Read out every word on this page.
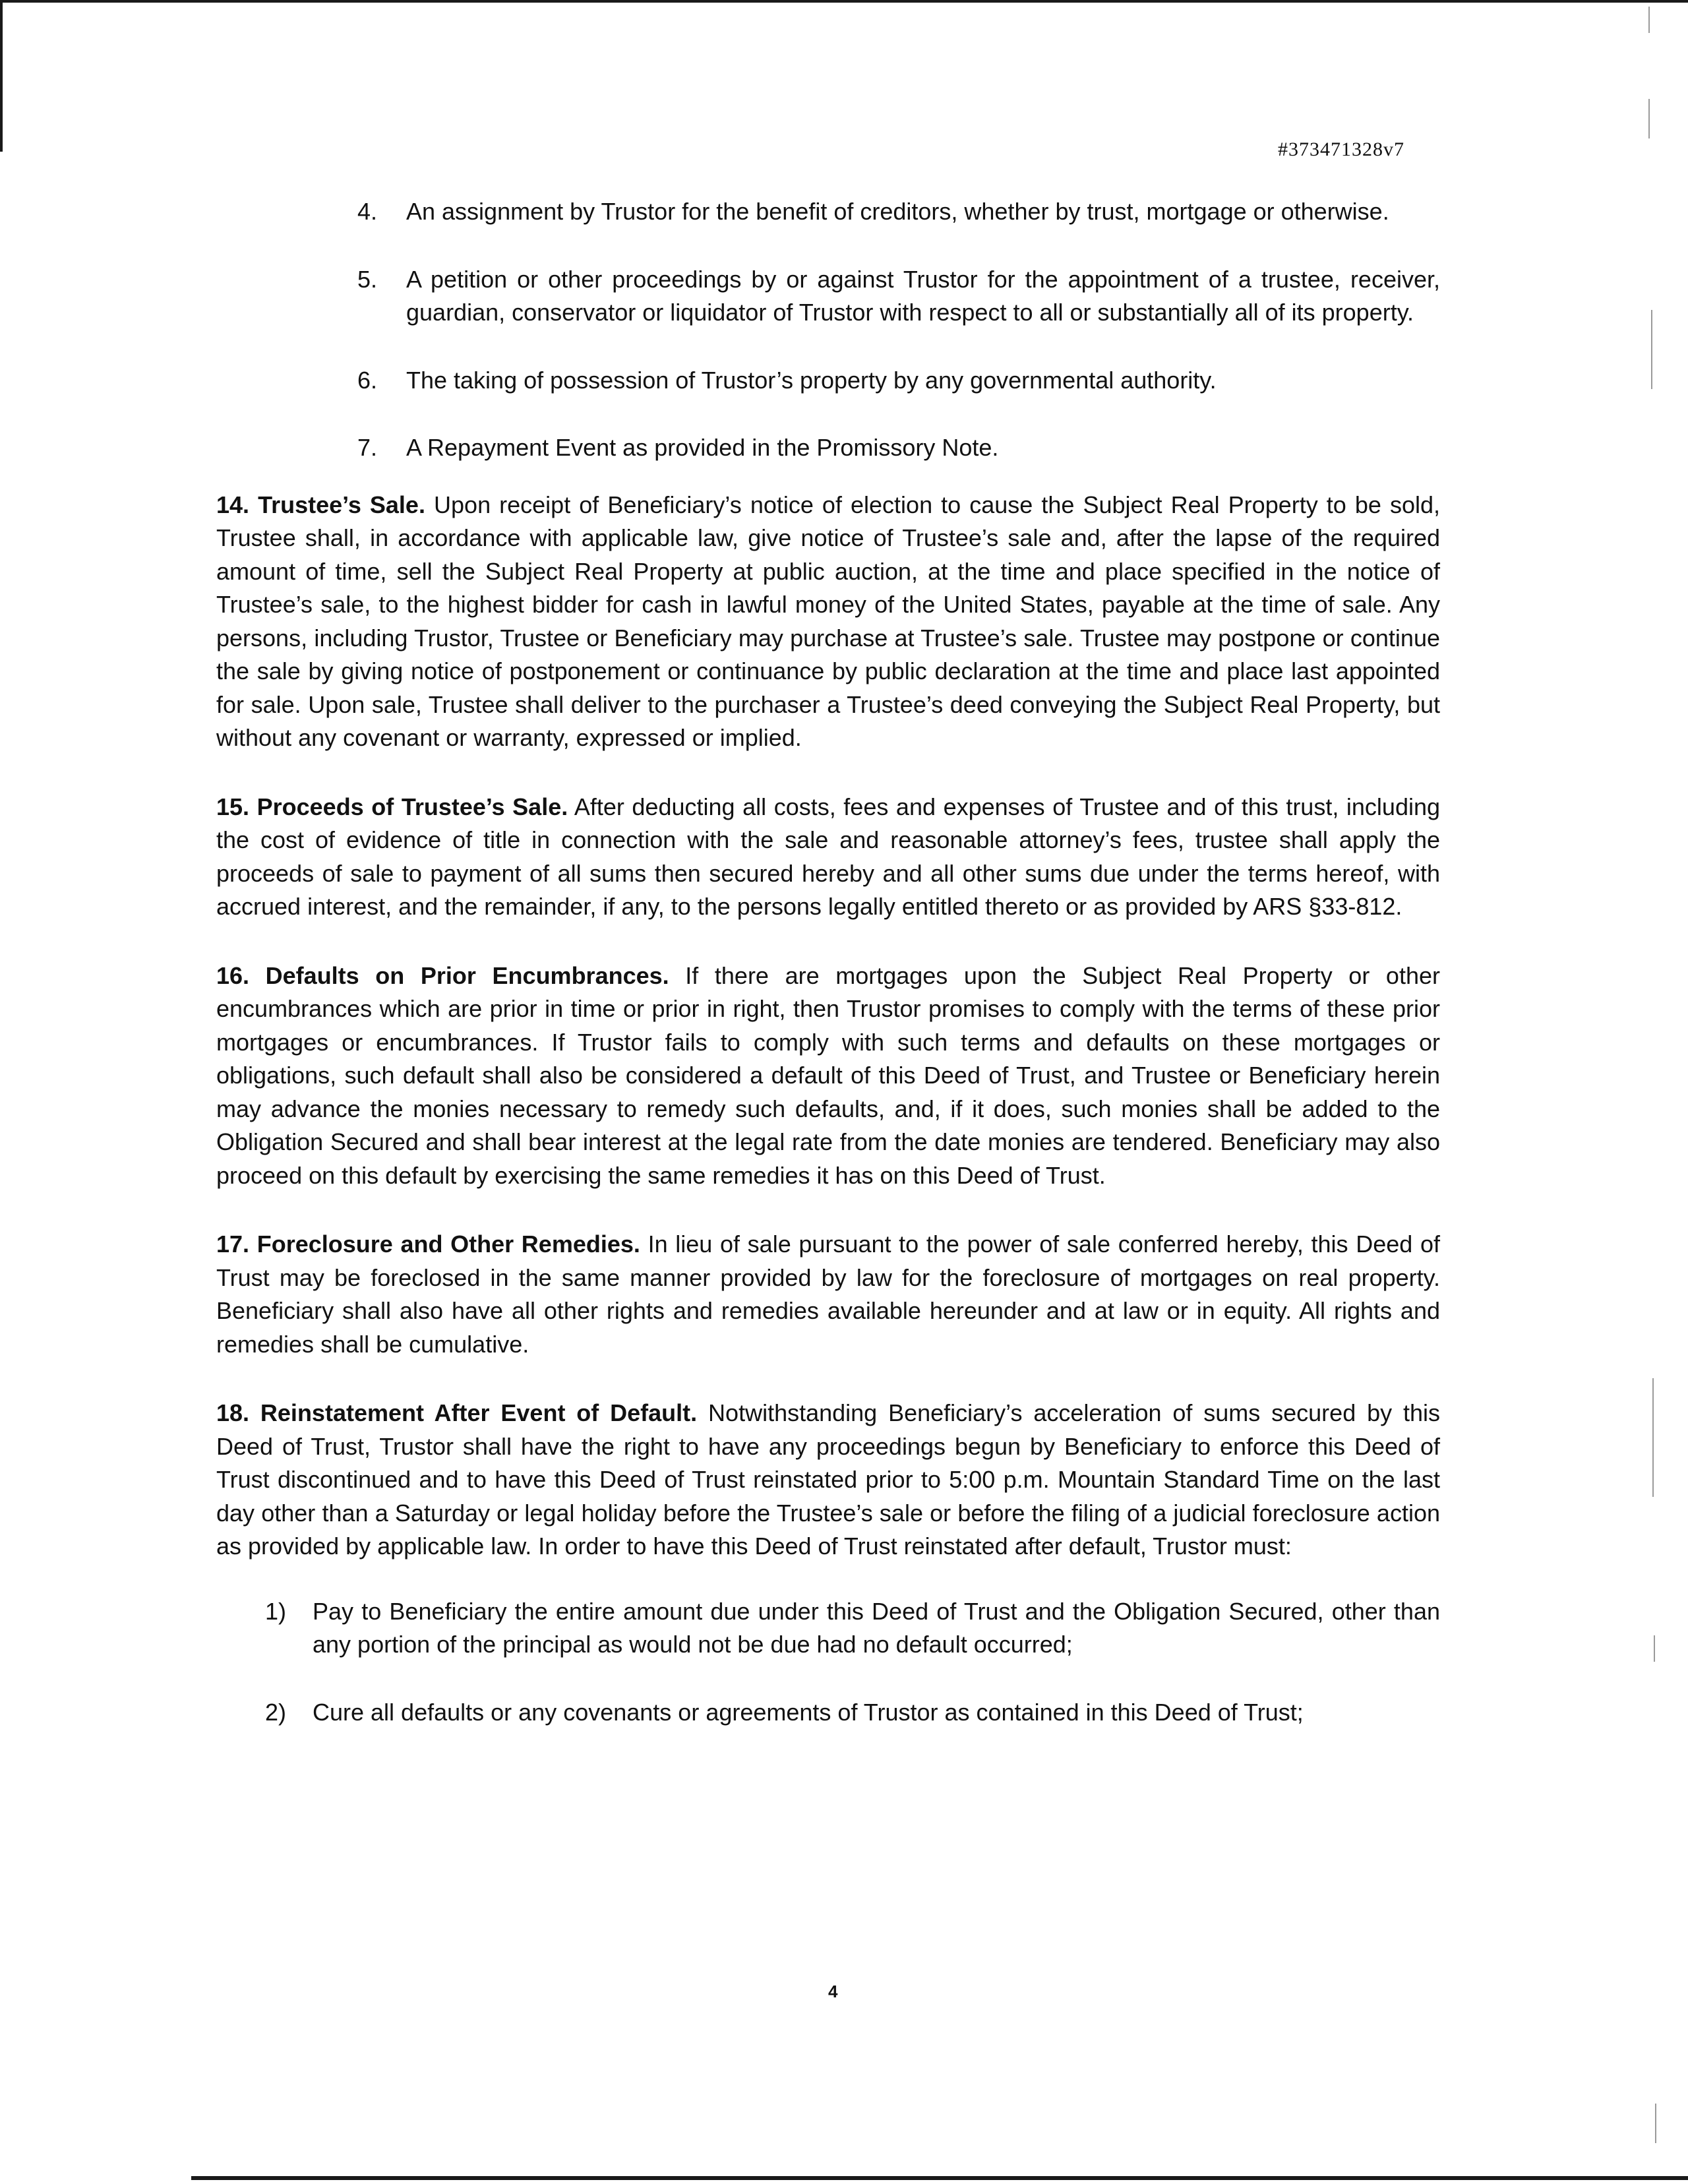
#373471328v7
4. An assignment by Trustor for the benefit of creditors, whether by trust, mortgage or otherwise.
5. A petition or other proceedings by or against Trustor for the appointment of a trustee, receiver, guardian, conservator or liquidator of Trustor with respect to all or substantially all of its property.
6. The taking of possession of Trustor’s property by any governmental authority.
7. A Repayment Event as provided in the Promissory Note.

14. Trustee’s Sale. Upon receipt of Beneficiary’s notice of election to cause the Subject Real Property to be sold, Trustee shall, in accordance with applicable law, give notice of Trustee’s sale and, after the lapse of the required amount of time, sell the Subject Real Property at public auction, at the time and place specified in the notice of Trustee’s sale, to the highest bidder for cash in lawful money of the United States, payable at the time of sale. Any persons, including Trustor, Trustee or Beneficiary may purchase at Trustee’s sale. Trustee may postpone or continue the sale by giving notice of postponement or continuance by public declaration at the time and place last appointed for sale. Upon sale, Trustee shall deliver to the purchaser a Trustee’s deed conveying the Subject Real Property, but without any covenant or warranty, expressed or implied.

15. Proceeds of Trustee’s Sale. After deducting all costs, fees and expenses of Trustee and of this trust, including the cost of evidence of title in connection with the sale and reasonable attorney’s fees, trustee shall apply the proceeds of sale to payment of all sums then secured hereby and all other sums due under the terms hereof, with accrued interest, and the remainder, if any, to the persons legally entitled thereto or as provided by ARS §33-812.

16. Defaults on Prior Encumbrances. If there are mortgages upon the Subject Real Property or other encumbrances which are prior in time or prior in right, then Trustor promises to comply with the terms of these prior mortgages or encumbrances. If Trustor fails to comply with such terms and defaults on these mortgages or obligations, such default shall also be considered a default of this Deed of Trust, and Trustee or Beneficiary herein may advance the monies necessary to remedy such defaults, and, if it does, such monies shall be added to the Obligation Secured and shall bear interest at the legal rate from the date monies are tendered. Beneficiary may also proceed on this default by exercising the same remedies it has on this Deed of Trust.

17. Foreclosure and Other Remedies. In lieu of sale pursuant to the power of sale conferred hereby, this Deed of Trust may be foreclosed in the same manner provided by law for the foreclosure of mortgages on real property. Beneficiary shall also have all other rights and remedies available hereunder and at law or in equity. All rights and remedies shall be cumulative.

18. Reinstatement After Event of Default. Notwithstanding Beneficiary’s acceleration of sums secured by this Deed of Trust, Trustor shall have the right to have any proceedings begun by Beneficiary to enforce this Deed of Trust discontinued and to have this Deed of Trust reinstated prior to 5:00 p.m. Mountain Standard Time on the last day other than a Saturday or legal holiday before the Trustee’s sale or before the filing of a judicial foreclosure action as provided by applicable law. In order to have this Deed of Trust reinstated after default, Trustor must:

1) Pay to Beneficiary the entire amount due under this Deed of Trust and the Obligation Secured, other than any portion of the principal as would not be due had no default occurred;
2) Cure all defaults or any covenants or agreements of Trustor as contained in this Deed of Trust;
4
